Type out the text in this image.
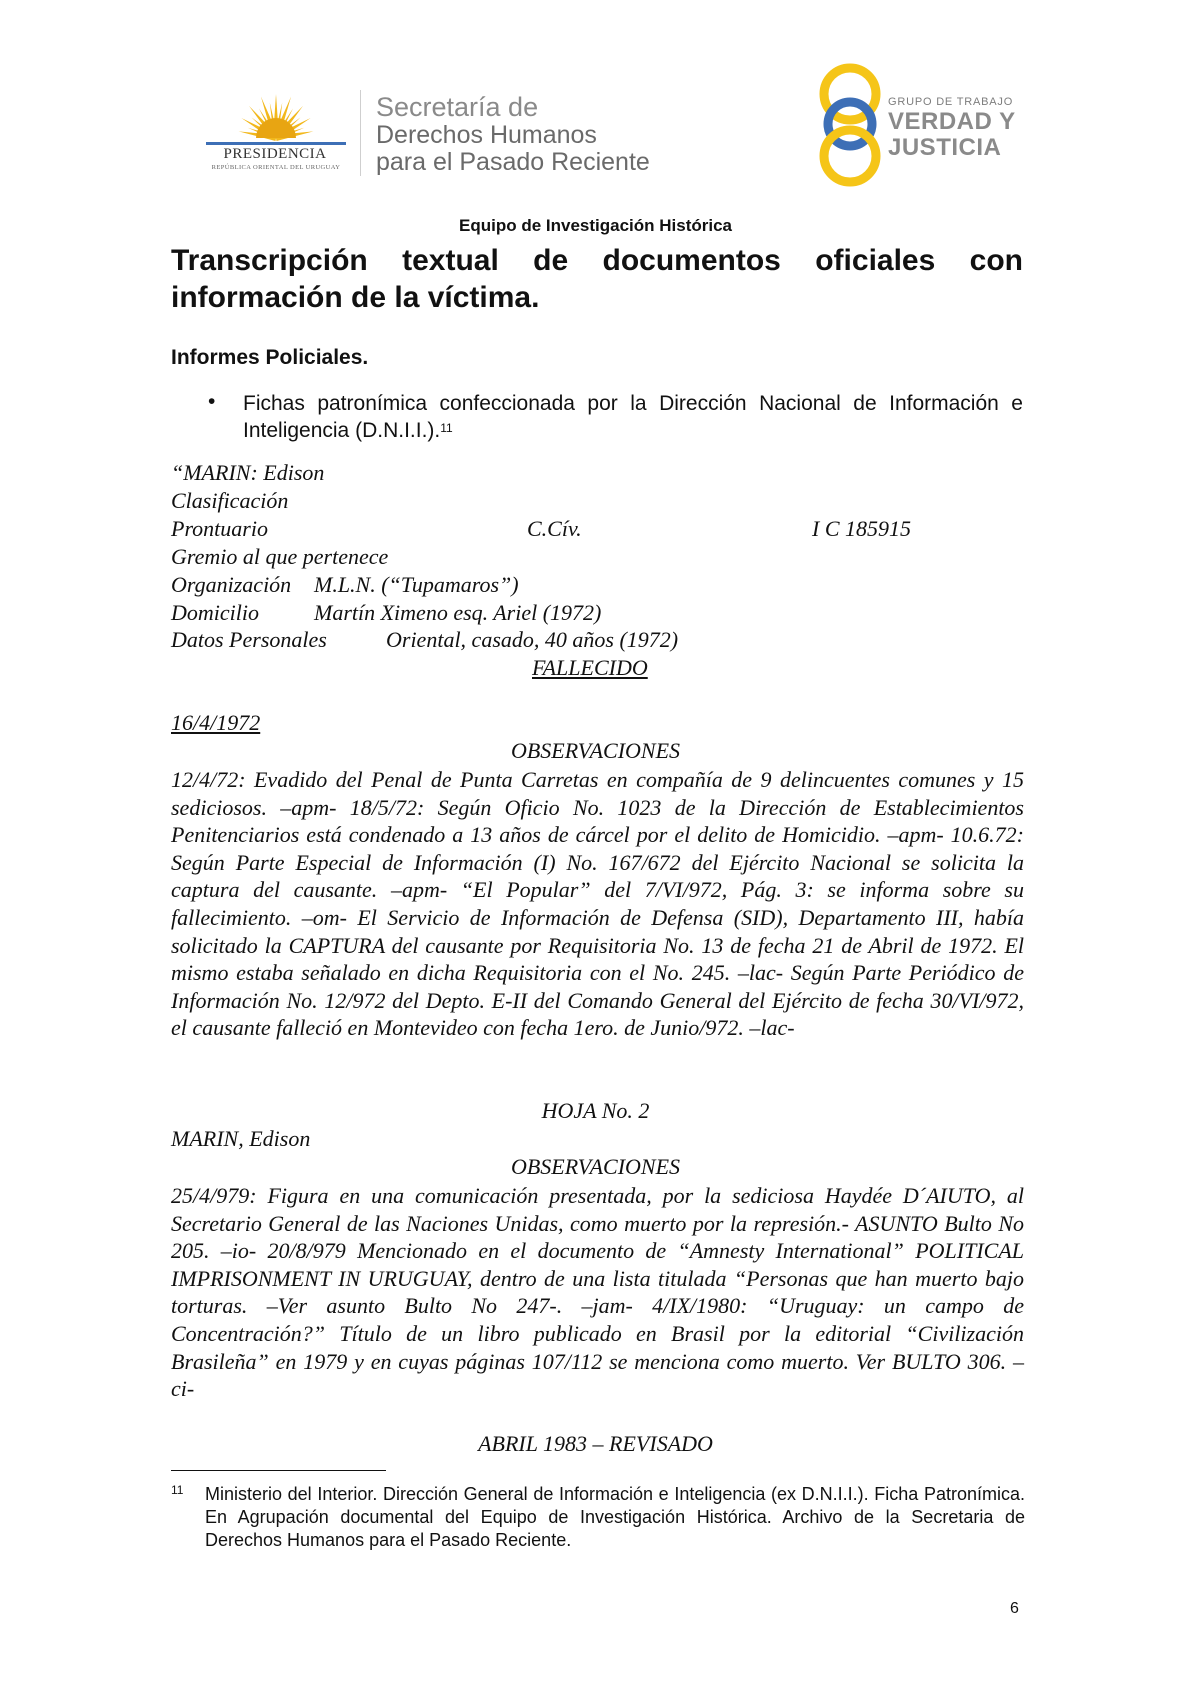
PRESIDENCIA
REPÚBLICA ORIENTAL DEL URUGUAY
Secretaría de
Derechos Humanos
para el Pasado Reciente
GRUPO DE TRABAJO
VERDAD Y
JUSTICIA
Equipo de Investigación Histórica
Transcripción textual de documentos oficiales con información de la víctima.
Informes Policiales.
• Fichas patronímica confeccionada por la Dirección Nacional de Información e Inteligencia (D.N.I.I.).$^{11}$
“MARIN: Edison
Clasificación
Prontuario	C.Cív.	I C 185915
Gremio al que pertenece
Organización M.L.N. (“Tupamaros”)
Domicilio	Martín Ximeno esq. Ariel (1972)
Datos Personales	Oriental, casado, 40 años (1972)
FALLECIDO
16/4/1972
OBSERVACIONES

12/4/72: Evadido del Penal de Punta Carretas en compañía de 9 delincuentes comunes y 15 sediciosos. –apm- 18/5/72: Según Oficio No. 1023 de la Dirección de Establecimientos Penitenciarios está condenado a 13 años de cárcel por el delito de Homicidio. –apm- 10.6.72: Según Parte Especial de Información (I) No. 167/672 del Ejército Nacional se solicita la captura del causante. –apm- “El Popular” del 7/VI/972, Pág. 3: se informa sobre su fallecimiento. –om- El Servicio de Información de Defensa (SID), Departamento III, había solicitado la CAPTURA del causante por Requisitoria No. 13 de fecha 21 de Abril de 1972. El mismo estaba señalado en dicha Requisitoria con el No. 245. –lac- Según Parte Periódico de Información No. 12/972 del Depto. E-II del Comando General del Ejército de fecha 30/VI/972, el causante falleció en Montevideo con fecha 1ero. de Junio/972. –lac-

HOJA No. 2
MARIN, Edison
OBSERVACIONES

25/4/979: Figura en una comunicación presentada, por la sediciosa Haydée D´AIUTO, al Secretario General de las Naciones Unidas, como muerto por la represión.- ASUNTO Bulto No 205. –io- 20/8/979 Mencionado en el documento de “Amnesty International” POLITICAL IMPRISONMENT IN URUGUAY, dentro de una lista titulada “Personas que han muerto bajo torturas. –Ver asunto Bulto No 247-. –jam- 4/IX/1980: “Uruguay: un campo de Concentración?” Título de un libro publicado en Brasil por la editorial “Civilización Brasileña” en 1979 y en cuyas páginas 107/112 se menciona como muerto. Ver BULTO 306. –ci-

ABRIL 1983 – REVISADO
11 Ministerio del Interior. Dirección General de Información e Inteligencia (ex D.N.I.I.). Ficha Patronímica. En Agrupación documental del Equipo de Investigación Histórica. Archivo de la Secretaria de Derechos Humanos para el Pasado Reciente.

6
